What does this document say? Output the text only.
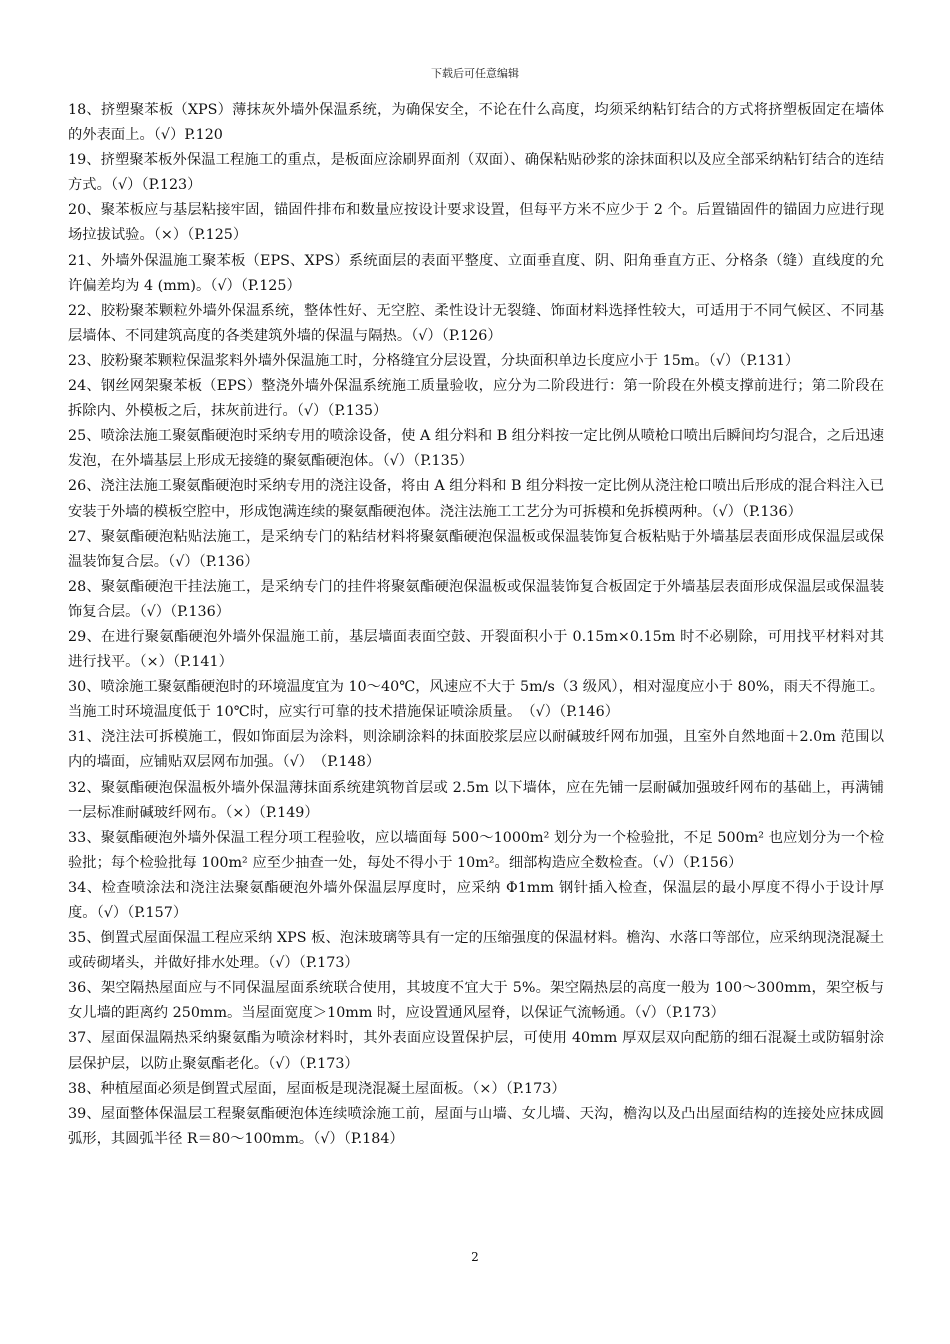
下载后可任意编辑

18、挤塑聚苯板（XPS）薄抹灰外墙外保温系统，为确保安全，不论在什么高度，均须采纳粘钉结合的方式将挤塑板固定在墙体的外表面上。（√）P.120

19、挤塑聚苯板外保温工程施工的重点，是板面应涂刷界面剂（双面）、确保粘贴砂浆的涂抹面积以及应全部采纳粘钉结合的连结方式。（√）（P.123）

20、聚苯板应与基层粘接牢固，锚固件排布和数量应按设计要求设置，但每平方米不应少于 2 个。后置锚固件的锚固力应进行现场拉拔试验。（×）（P.125）

21、外墙外保温施工聚苯板（EPS、XPS）系统面层的表面平整度、立面垂直度、阴、阳角垂直方正、分格条（缝）直线度的允许偏差均为 4 (mm)。（√）（P.125）

22、胶粉聚苯颗粒外墙外保温系统，整体性好、无空腔、柔性设计无裂缝、饰面材料选择性较大，可适用于不同气候区、不同基层墙体、不同建筑高度的各类建筑外墙的保温与隔热。（√）（P.126）

23、胶粉聚苯颗粒保温浆料外墙外保温施工时，分格缝宜分层设置，分块面积单边长度应小于 15m。（√）（P.131）

24、钢丝网架聚苯板（EPS）整浇外墙外保温系统施工质量验收，应分为二阶段进行：第一阶段在外模支撑前进行；第二阶段在拆除内、外模板之后，抹灰前进行。（√）（P.135）

25、喷涂法施工聚氨酯硬泡时采纳专用的喷涂设备，使 A 组分料和 B 组分料按一定比例从喷枪口喷出后瞬间均匀混合，之后迅速发泡，在外墙基层上形成无接缝的聚氨酯硬泡体。（√）（P.135）

26、浇注法施工聚氨酯硬泡时采纳专用的浇注设备，将由 A 组分料和 B 组分料按一定比例从浇注枪口喷出后形成的混合料注入已安装于外墙的模板空腔中，形成饱满连续的聚氨酯硬泡体。浇注法施工工艺分为可拆模和免拆模两种。（√）（P.136）

27、聚氨酯硬泡粘贴法施工，是采纳专门的粘结材料将聚氨酯硬泡保温板或保温装饰复合板粘贴于外墙基层表面形成保温层或保温装饰复合层。（√）（P.136）

28、聚氨酯硬泡干挂法施工，是采纳专门的挂件将聚氨酯硬泡保温板或保温装饰复合板固定于外墙基层表面形成保温层或保温装饰复合层。（√）（P.136）

29、在进行聚氨酯硬泡外墙外保温施工前，基层墙面表面空鼓、开裂面积小于 0.15m×0.15m 时不必剔除，可用找平材料对其进行找平。（×）（P.141）

30、喷涂施工聚氨酯硬泡时的环境温度宜为 10～40℃，风速应不大于 5m/s（3 级风），相对湿度应小于 80%，雨天不得施工。当施工时环境温度低于 10℃时，应实行可靠的技术措施保证喷涂质量。　（√）（P.146）

31、浇注法可拆模施工，假如饰面层为涂料，则涂刷涂料的抹面胶浆层应以耐碱玻纤网布加强，且室外自然地面＋2.0m 范围以内的墙面，应铺贴双层网布加强。（√）　（P.148）

32、聚氨酯硬泡保温板外墙外保温薄抹面系统建筑物首层或 2.5m 以下墙体，应在先铺一层耐碱加强玻纤网布的基础上，再满铺一层标准耐碱玻纤网布。（×）（P.149）

33、聚氨酯硬泡外墙外保温工程分项工程验收，应以墙面每 500～1000m² 划分为一个检验批，不足 500m² 也应划分为一个检验批；每个检验批每 100m² 应至少抽查一处，每处不得小于 10m²。细部构造应全数检查。（√）（P.156）

34、检查喷涂法和浇注法聚氨酯硬泡外墙外保温层厚度时，应采纳 Φ1mm 钢针插入检查，保温层的最小厚度不得小于设计厚度。（√）（P.157）

35、倒置式屋面保温工程应采纳 XPS 板、泡沫玻璃等具有一定的压缩强度的保温材料。檐沟、水落口等部位，应采纳现浇混凝土或砖砌堵头，并做好排水处理。（√）（P.173）

36、架空隔热屋面应与不同保温屋面系统联合使用，其坡度不宜大于 5%。架空隔热层的高度一般为 100～300mm，架空板与女儿墙的距离约 250mm。当屋面宽度＞10mm 时，应设置通风屋脊，以保证气流畅通。（√）（P.173）

37、屋面保温隔热采纳聚氨酯为喷涂材料时，其外表面应设置保护层，可使用 40mm 厚双层双向配筋的细石混凝土或防辐射涂层保护层，以防止聚氨酯老化。（√）（P.173）

38、种植屋面必须是倒置式屋面，屋面板是现浇混凝土屋面板。（×）（P.173）

39、屋面整体保温层工程聚氨酯硬泡体连续喷涂施工前，屋面与山墙、女儿墙、天沟，檐沟以及凸出屋面结构的连接处应抹成圆弧形，其圆弧半径 R＝80～100mm。（√）（P.184）

2
